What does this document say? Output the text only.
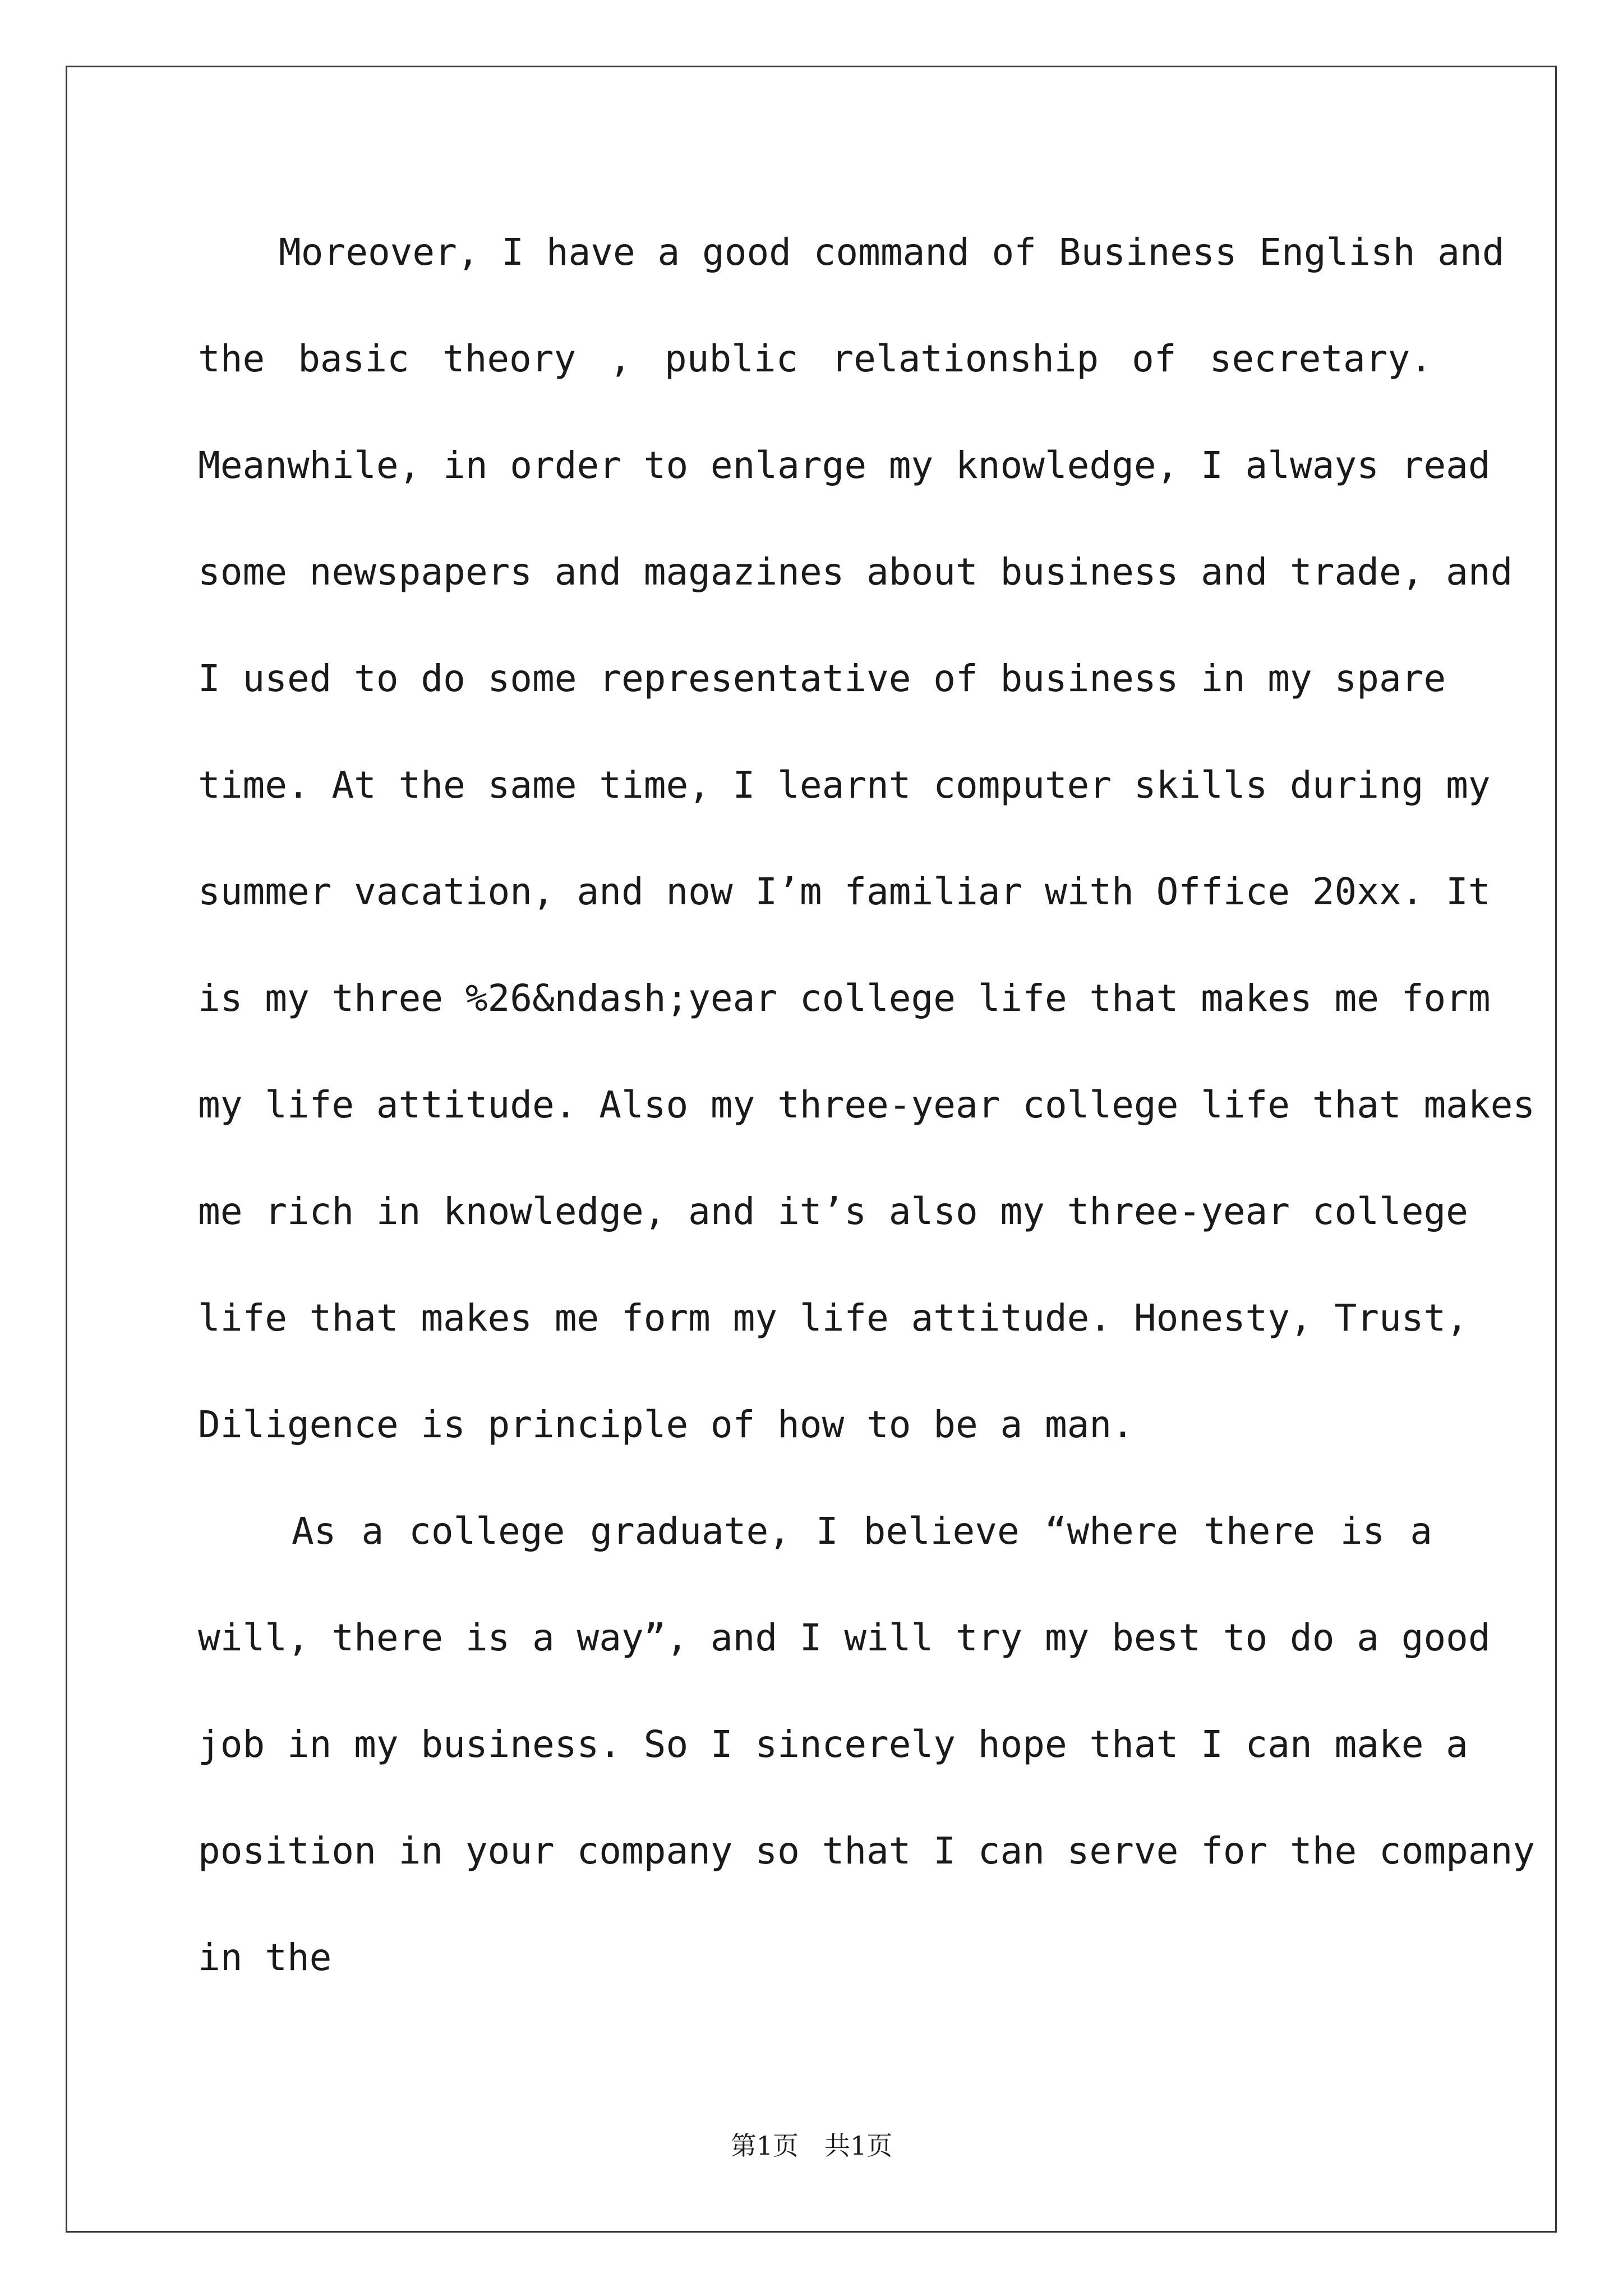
Moreover, I have a good command of Business English and
the basic theory , public relationship of secretary.
Meanwhile, in order to enlarge my knowledge, I always read
some newspapers and magazines about business and trade, and
I used to do some representative of business in my spare
time. At the same time, I learnt computer skills during my
summer vacation, and now I’m familiar with Office 20xx. It
is my three %26&ndash;year college life that makes me form
my life attitude. Also my three-year college life that makes
me rich in knowledge, and it’s also my three-year college
life that makes me form my life attitude. Honesty, Trust,
Diligence is principle of how to be a man.
As a college graduate, I believe “where there is a
will, there is a way”, and I will try my best to do a good
job in my business. So I sincerely hope that I can make a
position in your company so that I can serve for the company
in the
第1页　共1页
